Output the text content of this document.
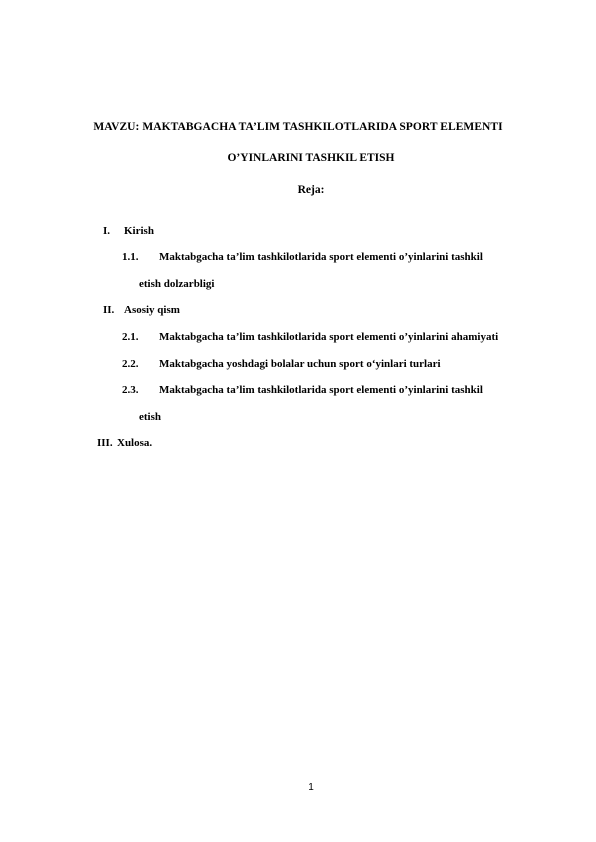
MAVZU: MAKTABGACHA TA’LIM TASHKILOTLARIDA SPORT ELEMENTI
O’YINLARINI TASHKIL ETISH
Reja:
I. Kirish
1.1. Maktabgacha ta’lim tashkilotlarida sport elementi o’yinlarini tashkil
etish dolzarbligi
II. Asosiy qism
2.1. Maktabgacha ta’lim tashkilotlarida sport elementi o’yinlarini ahamiyati
2.2. Maktabgacha yoshdagi bolalar uchun sport o‘yinlari turlari
2.3. Maktabgacha ta’lim tashkilotlarida sport elementi o’yinlarini tashkil
etish
III. Xulosa.
1
